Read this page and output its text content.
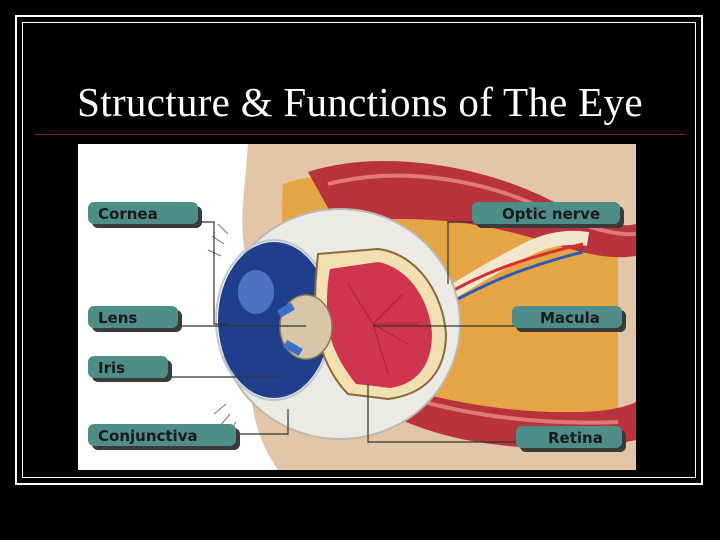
Structure & Functions of The Eye
Cornea
Lens
Iris
Conjunctiva
Optic nerve
Macula
Retina
